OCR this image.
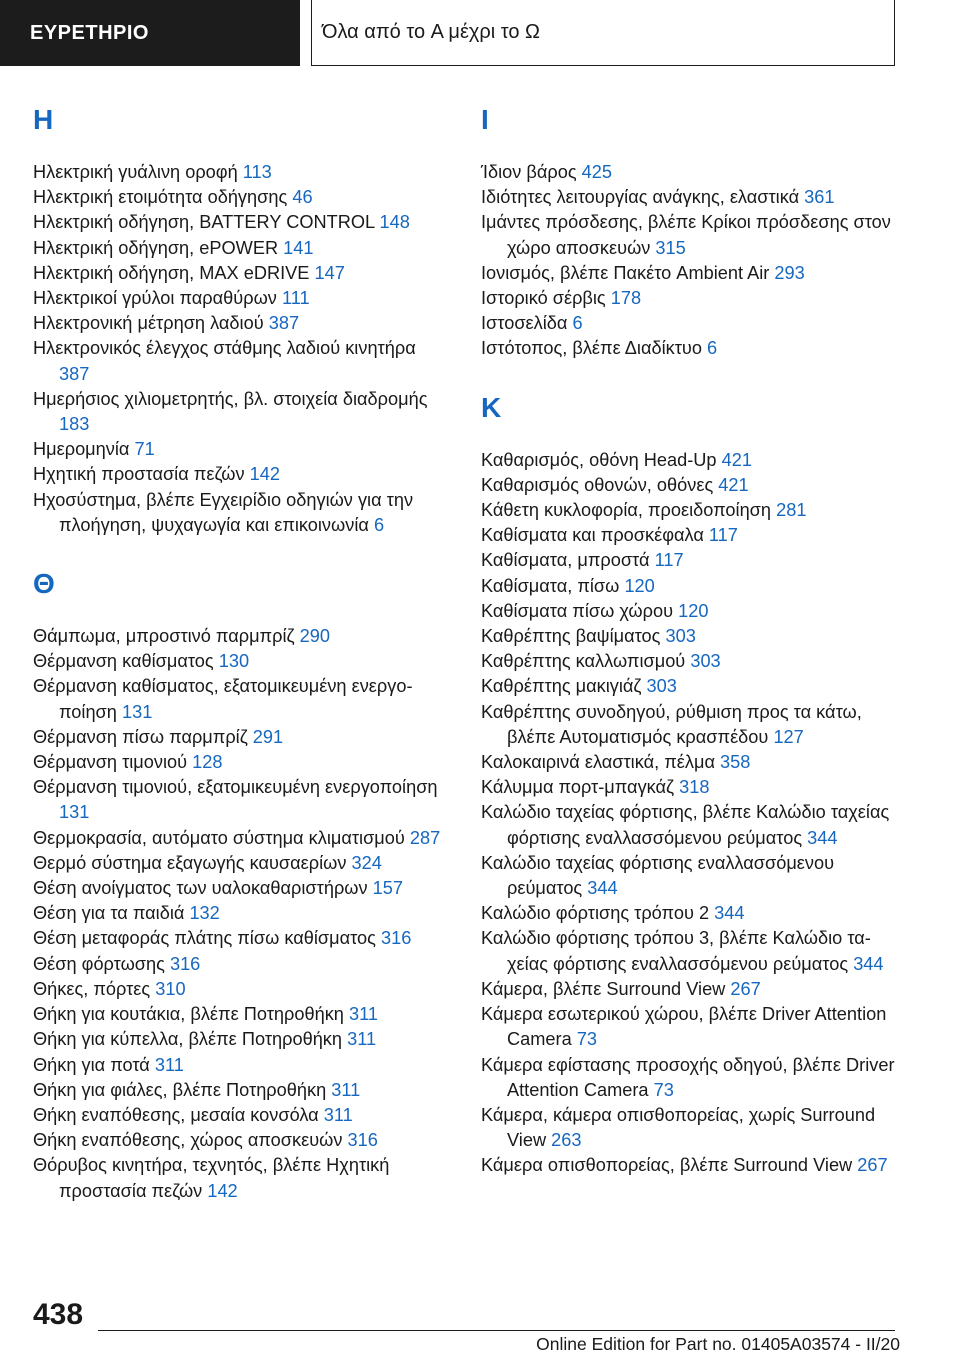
ΕΥΡΕΤΗΡΙΟ	Όλα από το A μέχρι το Ω
H
Ηλεκτρική γυάλινη οροφή 113
Ηλεκτρική ετοιμότητα οδήγησης 46
Ηλεκτρική οδήγηση, BATTERY CONTROL 148
Ηλεκτρική οδήγηση, ePOWER 141
Ηλεκτρική οδήγηση, MAX eDRIVE 147
Ηλεκτρικοί γρύλοι παραθύρων 111
Ηλεκτρονική μέτρηση λαδιού 387
Ηλεκτρονικός έλεγχος στάθμης λαδιού κινητήρα 387
Ημερήσιος χιλιομετρητής, βλ. στοιχεία διαδρομής 183
Ημερομηνία 71
Ηχητική προστασία πεζών 142
Ηχοσύστημα, βλέπε Εγχειρίδιο οδηγιών για την πλοήγηση, ψυχαγωγία και επικοινωνία 6
Θ
Θάμπωμα, μπροστινό παρμπρίζ 290
Θέρμανση καθίσματος 130
Θέρμανση καθίσματος, εξατομικευμένη ενεργοποίηση 131
Θέρμανση πίσω παρμπρίζ 291
Θέρμανση τιμονιού 128
Θέρμανση τιμονιού, εξατομικευμένη ενεργοποίηση 131
Θερμοκρασία, αυτόματο σύστημα κλιματισμού 287
Θερμό σύστημα εξαγωγής καυσαερίων 324
Θέση ανοίγματος των υαλοκαθαριστήρων 157
Θέση για τα παιδιά 132
Θέση μεταφοράς πλάτης πίσω καθίσματος 316
Θέση φόρτωσης 316
Θήκες, πόρτες 310
Θήκη για κουτάκια, βλέπε Ποτηροθήκη 311
Θήκη για κύπελλα, βλέπε Ποτηροθήκη 311
Θήκη για ποτά 311
Θήκη για φιάλες, βλέπε Ποτηροθήκη 311
Θήκη εναπόθεσης, μεσαία κονσόλα 311
Θήκη εναπόθεσης, χώρος αποσκευών 316
Θόρυβος κινητήρα, τεχνητός, βλέπε Ηχητική προστασία πεζών 142
I
Ίδιον βάρος 425
Ιδιότητες λειτουργίας ανάγκης, ελαστικά 361
Ιμάντες πρόσδεσης, βλέπε Κρίκοι πρόσδεσης στον χώρο αποσκευών 315
Ιονισμός, βλέπε Πακέτο Ambient Air 293
Ιστορικό σέρβις 178
Ιστοσελίδα 6
Ιστότοπος, βλέπε Διαδίκτυο 6
K
Καθαρισμός, οθόνη Head-Up 421
Καθαρισμός οθονών, οθόνες 421
Κάθετη κυκλοφορία, προειδοποίηση 281
Καθίσματα και προσκέφαλα 117
Καθίσματα, μπροστά 117
Καθίσματα, πίσω 120
Καθίσματα πίσω χώρου 120
Καθρέπτης βαψίματος 303
Καθρέπτης καλλωπισμού 303
Καθρέπτης μακιγιάζ 303
Καθρέπτης συνοδηγού, ρύθμιση προς τα κάτω, βλέπε Αυτοματισμός κρασπέδου 127
Καλοκαιρινά ελαστικά, πέλμα 358
Κάλυμμα πορτ-μπαγκάζ 318
Καλώδιο ταχείας φόρτισης, βλέπε Καλώδιο ταχείας φόρτισης εναλλασσόμενου ρεύματος 344
Καλώδιο ταχείας φόρτισης εναλλασσόμενου ρεύματος 344
Καλώδιο φόρτισης τρόπου 2 344
Καλώδιο φόρτισης τρόπου 3, βλέπε Καλώδιο ταχείας φόρτισης εναλλασσόμενου ρεύματος 344
Κάμερα, βλέπε Surround View 267
Κάμερα εσωτερικού χώρου, βλέπε Driver Attention Camera 73
Κάμερα εφίστασης προσοχής οδηγού, βλέπε Driver Attention Camera 73
Κάμερα, κάμερα οπισθοπορείας, χωρίς Surround View 263
Κάμερα οπισθοπορείας, βλέπε Surround View 267
438
Online Edition for Part no. 01405A03574 - II/20
